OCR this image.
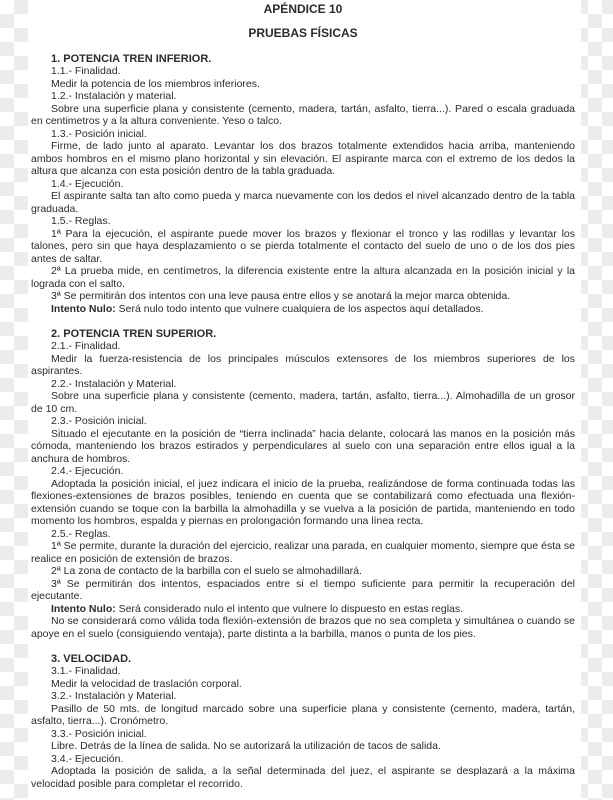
APÉNDICE 10
PRUEBAS FÍSICAS
1. POTENCIA TREN INFERIOR.

1.1.- Finalidad.

Medir la potencia de los miembros inferiores.

1.2.- Instalación y material.

Sobre una superficie plana y consistente (cemento, madera, tartán, asfalto, tierra...). Pared o escala graduada en centimetros y a la altura conveniente. Yeso o talco.

1.3.- Posición inicial.

Firme, de lado junto al aparato. Levantar los dos brazos totalmente extendidos hacia arriba, manteniendo ambos hombros en el mismo plano horizontal y sin elevación. El aspirante marca con el extremo de los dedos la altura que alcanza con esta posición dentro de la tabla graduada.

1.4.- Ejecución.

El aspirante salta tan alto como pueda y marca nuevamente con los dedos el nivel alcanzado dentro de la tabla graduada.

1.5.- Reglas.

1ª Para la ejecución, el aspirante puede mover los brazos y flexionar el tronco y las rodillas y levantar los talones, pero sin que haya desplazamiento o se pierda totalmente el contacto del suelo de uno o de los dos pies antes de saltar.

2ª La prueba mide, en centímetros, la diferencia existente entre la altura alcanzada en la posición inicial y la lograda con el salto.

3ª Se permitirán dos intentos con una leve pausa entre ellos y se anotará la mejor marca obtenida.

Intento Nulo: Será nulo todo intento que vulnere cualquiera de los aspectos aquí detallados.

2. POTENCIA TREN SUPERIOR.

2.1.- Finalidad.

Medir la fuerza-resistencia de los principales músculos extensores de los miembros superiores de los aspirantes.

2.2.- Instalación y Material.

Sobre una superficie plana y consistente (cemento, madera, tartán, asfalto, tierra...). Almohadilla de un grosor de 10 cm.

2.3.- Posición inicial.

Situado el ejecutante en la posición de “tierra inclinada” hacia delante, colocará las manos en la posición más cómoda, manteniendo los brazos estirados y perpendiculares al suelo con una separación entre ellos igual a la anchura de hombros.

2.4.- Ejecución.

Adoptada la posición inicial, el juez indicara el inicio de la prueba, realizándose de forma continuada todas las flexiones-extensiones de brazos posibles, teniendo en cuenta que se contabilizará como efectuada una flexión-extensión cuando se toque con la barbilla la almohadilla y se vuelva a la posición de partida, manteniendo en todo momento los hombros, espalda y piernas en prolongación formando una línea recta.

2.5.- Reglas.

1ª Se permite, durante la duración del ejercicio, realizar una parada, en cualquier momento, siempre que ésta se realice en posición de extensión de brazos.

2ª La zona de contacto de la barbilla con el suelo se almohadillará.

3ª Se permitirán dos intentos, espaciados entre si el tiempo suficiente para permitir la recuperación del ejecutante.

Intento Nulo: Será considerado nulo el intento que vulnere lo dispuesto en estas reglas.

No se considerará como válida toda flexión-extensión de brazos que no sea completa y simultánea o cuando se apoye en el suelo (consiguiendo ventaja), parte distinta a la barbilla, manos o punta de los pies.

3. VELOCIDAD.

3.1.- Finalidad.

Medir la velocidad de traslación corporal.

3.2.- Instalación y Material.

Pasillo de 50 mts. de longitud marcado sobre una superficie plana y consistente (cemento, madera, tartán, asfalto, tierra...). Cronómetro.

3.3.- Posición inicial.

Libre. Detrás de la línea de salida. No se autorizará la utilización de tacos de salida.

3.4.- Ejecución.

Adoptada la posición de salida, a la señal determinada del juez, el aspirante se desplazará a la máxima velocidad posible para completar el recorrido.
